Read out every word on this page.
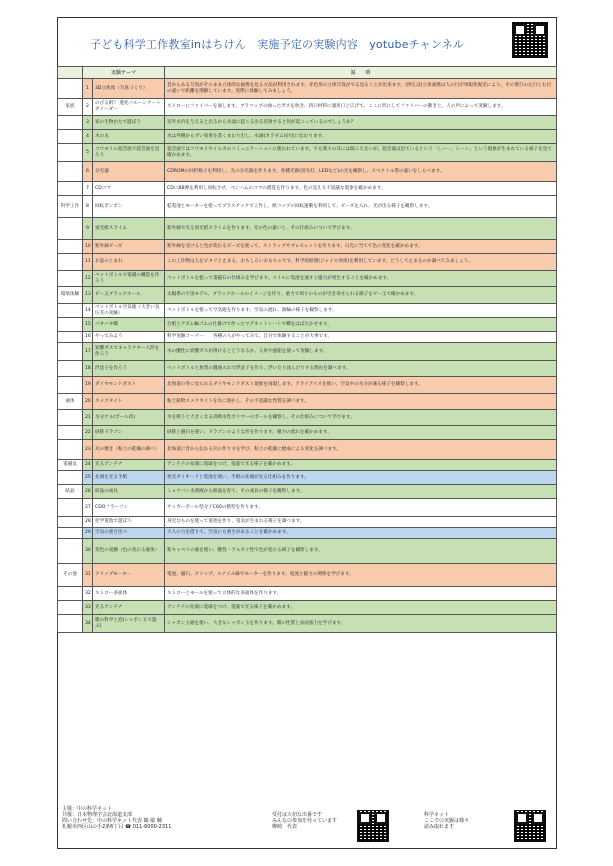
子ども科学工作教室inはちけん　実施予定の実験内容　yotubeチャンネル
	実験テーマ		説　　明
	1	3D立体図（写真づくり）	昔からある写真がそのまま立体的な画像を見る方法が利用されます。赤色用の立体写真がでる見ることが出来ます。(例えば)立体画像は人の目が単眼状視差により、その奥行の左目と右目の違いで距離を理解しています。実際に体験してみましょう。
家族	2	のびる紙？ 進化バルーンアートダイーダー	ストローにファイバーを通します。ブラコップの曲ったガスを吹き、四口材料に適用口と広げて、ここに形にしてファイバーの動きと、人の声によって実験します。
	3	家の生物かたで遊ぼう	室外水内を与えると出るから水面に起こる出る反射すると何が起こっているのでしょうか？
	4	水の丸	水は外側からずい効果を書くまわり出し、水滴(カラダム)が出に伝わります。
	5	コウモリの超音波で超音波を見ろう	超音波ではコウモリやイルカのコミュニケーションに使われています。でも我々の耳には聞こえないが、超音波は出ているという「し〜ー、シーン」という現象が生まれている様子を見て確かめます。
	6	分光器	CDROMの回折格子を利用し、光の分光器を作ります。各種光源(蛍光灯、LEDなど)の光を観察し、スペクトル帯の違いをしらべます。
	7	CDコマ	CDにBB弾を利用し回転させ、ベンハムのコマの錯覚を作ります。色の見える不思議な現象を確かめます。
科学工作	8	回転ポンポン	乾電池とモーターを使ってプラスチックで工作し、紙コップの回転運動を利用して、ビーズを入れ、光が出る様子を観察します。
	9	蛍光紙スライム	紫外線で光る蛍光紙スライムを作ります。光の色の違いと、その仕組みについて学びます。
	10	紫外線ビーズ	紫外線を受けると色が変わるビーズを使って、ストラップやブレスレットを作ります。日光に当てて色の変化を確かめます。
	11	お話のとまれ	この工作物は人をピタリと止まる、おもしろいおもちゃです。科学的原理(ジャイロ効果)を利用しています。どうして止まるのか調べてみましょう。
	12	ペットボトルで電磁の構造を作ろう	ペットボトルを使って電磁石の仕組みを学びます。コイルに電流を流すと磁力が発生することを確かめます。
環境体験	13	ビー玉ブラックホール	太陽系の宇宙モデル、ブラックホールのイメージを作り、重力で周りのものが引き寄せられる様子をビー玉で確かめます。
	14	ペットボトル空気砲（大きい気圧差の実験）	ペットボトルを使って空気砲を作ります。空気の流れ、渦輪の様子を観察します。
	15	バタバタ蝶	台紙とアダム輪ゴムの仕掛けで作ったマグネットシートで蝶をはばたかせます。
	16	やってみよう	科学実験コーナー　　各種の人がやってみて、自分で体験することが大事です。
	17	炭酸ガスでキャラクター人形を作ろう	水の酸性に炭酸ガスが溶けるとどうなるか、人形や風船を使って実験します。
	18	浮沈子を作ろう	ペットボトルと魚型の醤油入れで浮沈子を作り、浮いたり沈んだりする理由を調べます。
	19	ダイヤモンドダスト	北海道の冬に見られるダイヤモンドダスト現象を再現します。ドライアイスを使い、空気中の水分が凍る様子を観察します。
液体	20	スメクタイト	粘土鉱物スメクタイトを水に溶かし、その不思議な性質を調べます。
	21	水分ゲル(ボール状)	水を吸うと大きくなる高吸水性ポリマーのボールを観察し、その仕組みについて学びます。
	22	砂鉄ドラゴン	砂鉄と磁石を使い、ドラゴンのような形を作ります。磁力の流れを確かめます。
	23	瓦の焼き（粘土の乾燥の調べ）	北海道に昔から伝わる瓦の作り方を学び、粘土の乾燥と焼成による変化を調べます。
電磁気	24	光るアンテナ	アンテナの先端に電球をつけ、電波で光る様子を確かめます。
	25	先端を光る手紙	発光ダイオードと電池を使い、手紙の先端が光る仕組みを作ります。
結晶	26	結晶の成長	ミョウバン水溶液から結晶を育て、その成長の様子を観察します。
	27	CDOフラーソン	サッカーボール型分子C60の模型を作ります。
	28	化学電池で遊ぼう	身近なものを使って電池を作り、電気が生まれる様子を調べます。
	29	空気の重さ比べ	大人の力を借りて、空気にも重さがあることを確かめます。
	30	変色の実験（色の変わる液体）	紫キャベツの液を使い、酸性・アルカリ性で色が変わる様子を観察します。
その他	31	クリップモーター	電池、磁石、クリップ、エナメル線でモーターを作ります。電流と磁力の関係を学びます。
	32	ストロー多面体	ストローとモールを使って立体的な多面体を作ります。
	33	光るアンテナ	アンテナの先端に電球をつけ、電波で光る様子を確かめます。
	34	膜の科学と泡(シャボン玉で遊ぶ)	シャボン玉液を使い、大きなシャボン玉を作ります。膜の性質と表面張力を学びます。
主催：中の科学ネット
共催：日本物理学会北海道支部
問い合わせ先：中の科学ネット代表 鶴 敏 輔
札幌市西区山の手2条6丁目 ☎ 011-6000-2311
受付は大切な出番です
みんなの参加を待っています
樽崎　代表
科学ネット
ここでの実験は様々
読み取れます
